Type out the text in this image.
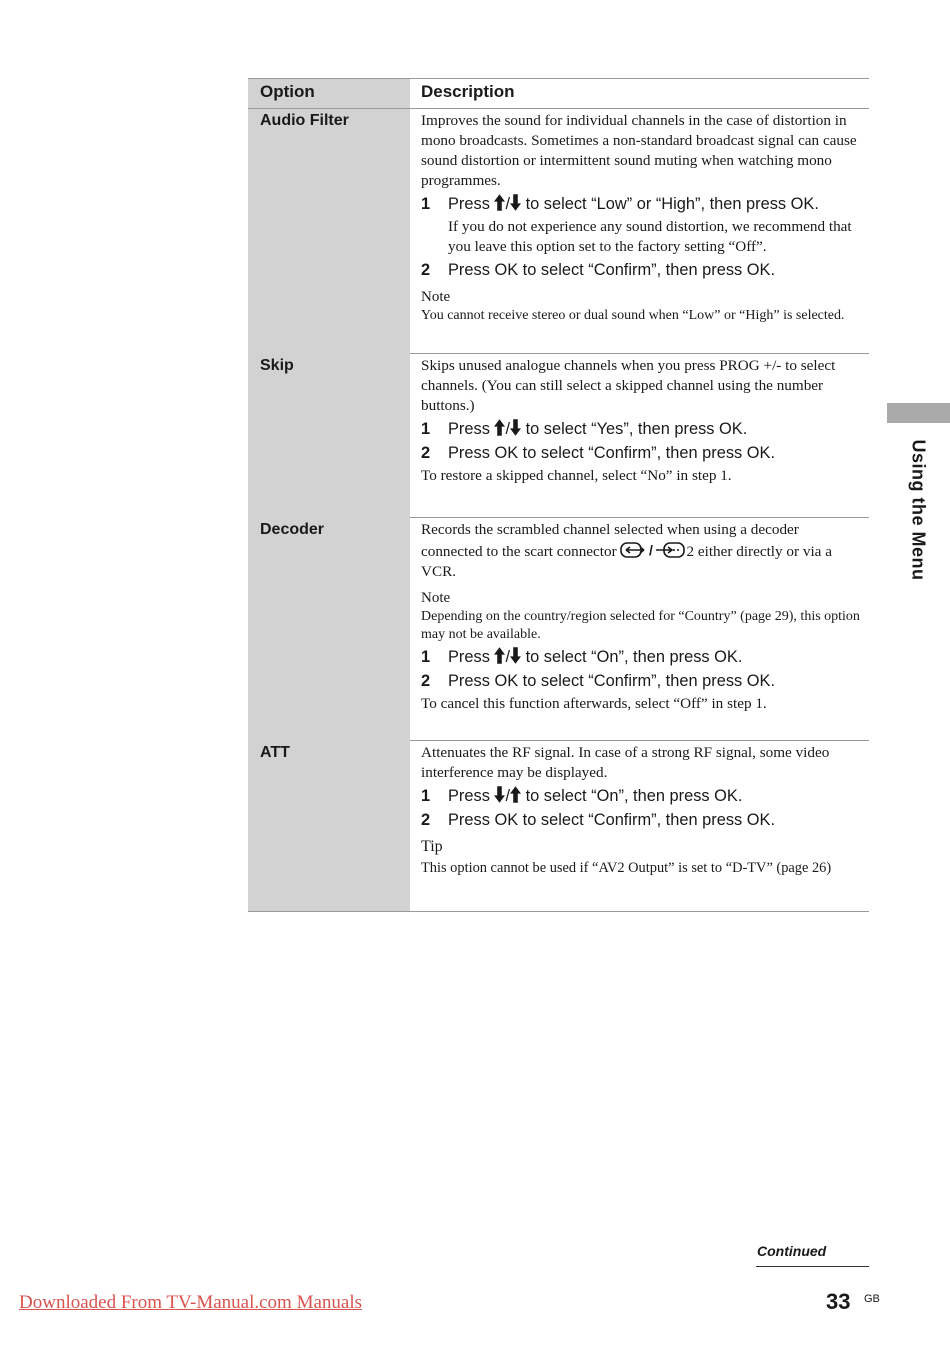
Option	Description
Audio Filter	Improves the sound for individual channels in the case of distortion in mono broadcasts. Sometimes a non-standard broadcast signal can cause sound distortion or intermittent sound muting when watching mono programmes.

1	Press / to select “Low” or “High”, then press OK.

If you do not experience any sound distortion, we recommend that you leave this option set to the factory setting “Off”.

2	Press OK to select “Confirm”, then press OK.

Note

You cannot receive stereo or dual sound when “Low” or “High” is selected.

Skip	Skips unused analogue channels when you press PROG +/- to select channels. (You can still select a skipped channel using the number buttons.)

1	Press / to select “Yes”, then press OK.
2	Press OK to select “Confirm”, then press OK.

To restore a skipped channel, select “No” in step 1.

Decoder	Records the scrambled channel selected when using a decoder connected to the scart connector / 2 either directly or via a VCR.

Note

Depending on the country/region selected for “Country” (page 29), this option may not be available.

1	Press / to select “On”, then press OK.
2	Press OK to select “Confirm”, then press OK.

To cancel this function afterwards, select “Off” in step 1.

ATT	Attenuates the RF signal. In case of a strong RF signal, some video interference may be displayed.

1	Press / to select “On”, then press OK.
2	Press OK to select “Confirm”, then press OK.

Tip

This option cannot be used if “AV2 Output” is set to “D-TV” (page 26)

Using the Menu
Continued
33 GB
Downloaded From TV-Manual.com Manuals
